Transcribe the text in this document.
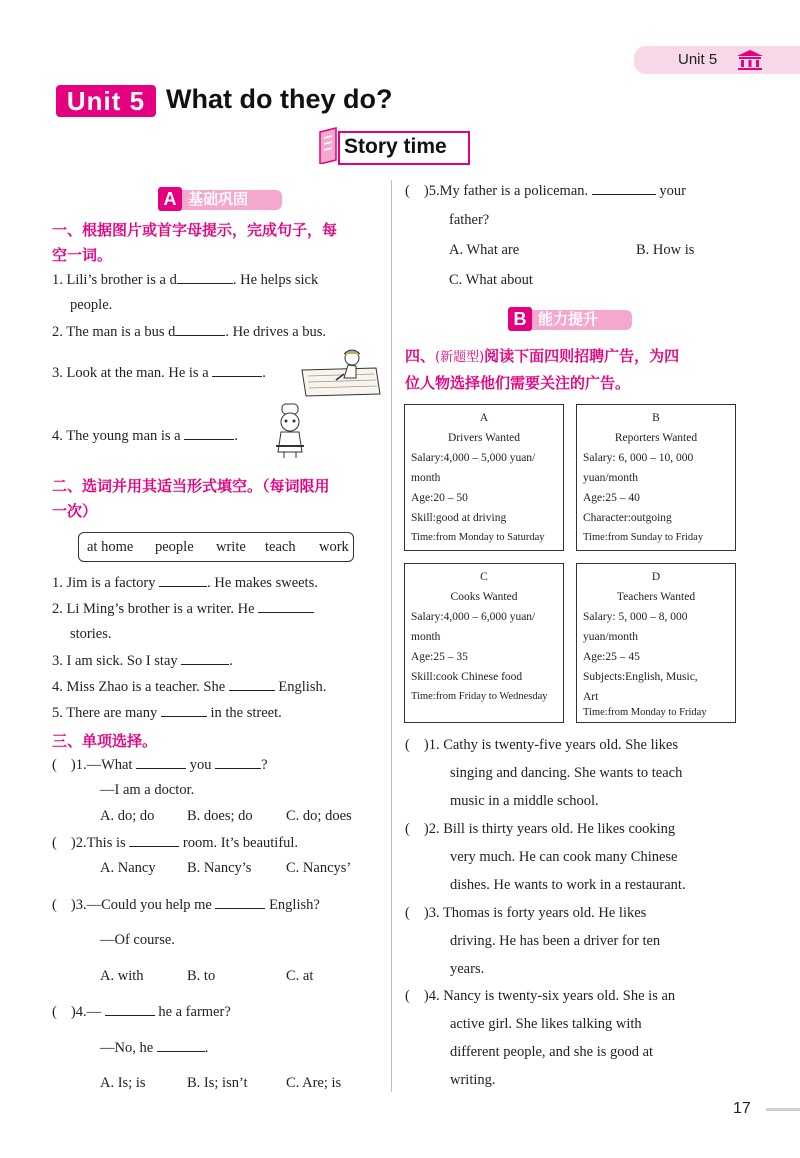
Unit 5
Unit 5 What do they do?
Story time
基础巩固
A
一、根据图片或首字母提示，完成句子，每
空一词。
1. Lili’s brother is a d	. He helps sick
people.
2. The man is a bus d	. He drives a bus.
3. Look at the man. He is a	.
4. The young man is a	.
二、选词并用其适当形式填空。（每词限用
一次）
at home people write teach work
1. Jim is a factory	. He makes sweets.
2. Li Ming’s brother is a writer. He
stories.
3. I am sick. So I stay	.
4. Miss Zhao is a teacher. She	English.
5. There are many	in the street.
三、单项选择。
( )1.—What	you	?
—I am a doctor.
A. do; do B. does; do C. do; does
( )2.This is	room. It’s beautiful.
A. Nancy B. Nancy’s C. Nancys’
( )3.—Could you help me	English?
—Of course.
A. with	B. to	C. at
( )4.—	he a farmer?
—No, he	.
A. Is; is	B. Is; isn’t	C. Are; is
( )5.My father is a policeman.	your
father?
A. What are	B. How is
C. What about
能力提升
B
四、(新题型)阅读下面四则招聘广告，为四
位人物选择他们需要关注的广告。
A
Drivers Wanted
Salary:4,000 – 5,000 yuan/
month
Age:20 – 50
Skill:good at driving
Time:from Monday to Saturday
B
Reporters Wanted
Salary: 6, 000 – 10, 000
yuan/month
Age:25 – 40
Character:outgoing
Time:from Sunday to Friday
C
Cooks Wanted
Salary:4,000 – 6,000 yuan/
month
Age:25 – 35
Skill:cook Chinese food
Time:from Friday to Wednesday
D
Teachers Wanted
Salary: 5, 000 – 8, 000
yuan/month
Age:25 – 45
Subjects:English, Music,
Art
Time:from Monday to Friday
( )1. Cathy is twenty-five years old. She likes
singing and dancing. She wants to teach
music in a middle school.
( )2. Bill is thirty years old. He likes cooking
very much. He can cook many Chinese
dishes. He wants to work in a restaurant.
( )3. Thomas is forty years old. He likes
driving. He has been a driver for ten
years.
( )4. Nancy is twenty-six years old. She is an
active girl. She likes talking with
different people, and she is good at
writing.
17
